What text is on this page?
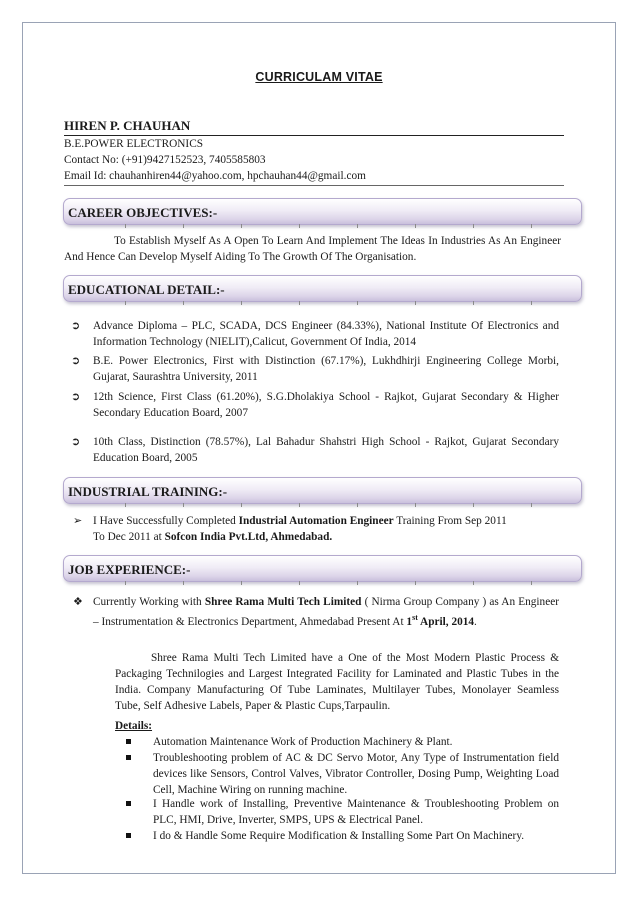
CURRICULAM VITAE
HIREN P. CHAUHAN
B.E.POWER ELECTRONICS
Contact No: (+91)9427152523, 7405585803
Email Id: chauhanhiren44@yahoo.com, hpchauhan44@gmail.com
CAREER OBJECTIVES:-
To Establish Myself As A Open To Learn And Implement The Ideas In Industries As An Engineer And Hence Can Develop Myself Aiding To The Growth Of The Organisation.
EDUCATIONAL DETAIL:-
➲ Advance Diploma – PLC, SCADA, DCS Engineer (84.33%), National Institute Of Electronics and Information Technology (NIELIT),Calicut, Government Of India, 2014
➲ B.E. Power Electronics, First with Distinction (67.17%), Lukhdhirji Engineering College Morbi, Gujarat, Saurashtra University, 2011
➲ 12th Science, First Class (61.20%), S.G.Dholakiya School - Rajkot, Gujarat Secondary & Higher Secondary Education Board, 2007
➲ 10th Class, Distinction (78.57%), Lal Bahadur Shahstri High School - Rajkot, Gujarat Secondary Education Board, 2005
INDUSTRIAL TRAINING:-
➢ I Have Successfully Completed Industrial Automation Engineer Training From Sep 2011
To Dec 2011 at Sofcon India Pvt.Ltd, Ahmedabad.
JOB EXPERIENCE:-
❖ Currently Working with Shree Rama Multi Tech Limited ( Nirma Group Company ) as An Engineer – Instrumentation & Electronics Department, Ahmedabad Present At 1st April, 2014.
Shree Rama Multi Tech Limited have a One of the Most Modern Plastic Process & Packaging Technilogies and Largest Integrated Facility for Laminated and Plastic Tubes in the India. Company Manufacturing Of Tube Laminates, Multilayer Tubes, Monolayer Seamless Tube, Self Adhesive Labels, Paper & Plastic Cups,Tarpaulin.
Details:
Automation Maintenance Work of Production Machinery & Plant.
Troubleshooting problem of AC & DC Servo Motor, Any Type of Instrumentation field devices like Sensors, Control Valves, Vibrator Controller, Dosing Pump, Weighting Load Cell, Machine Wiring on running machine.
I Handle work of Installing, Preventive Maintenance & Troubleshooting Problem on PLC, HMI, Drive, Inverter, SMPS, UPS & Electrical Panel.
I do & Handle Some Require Modification & Installing Some Part On Machinery.
